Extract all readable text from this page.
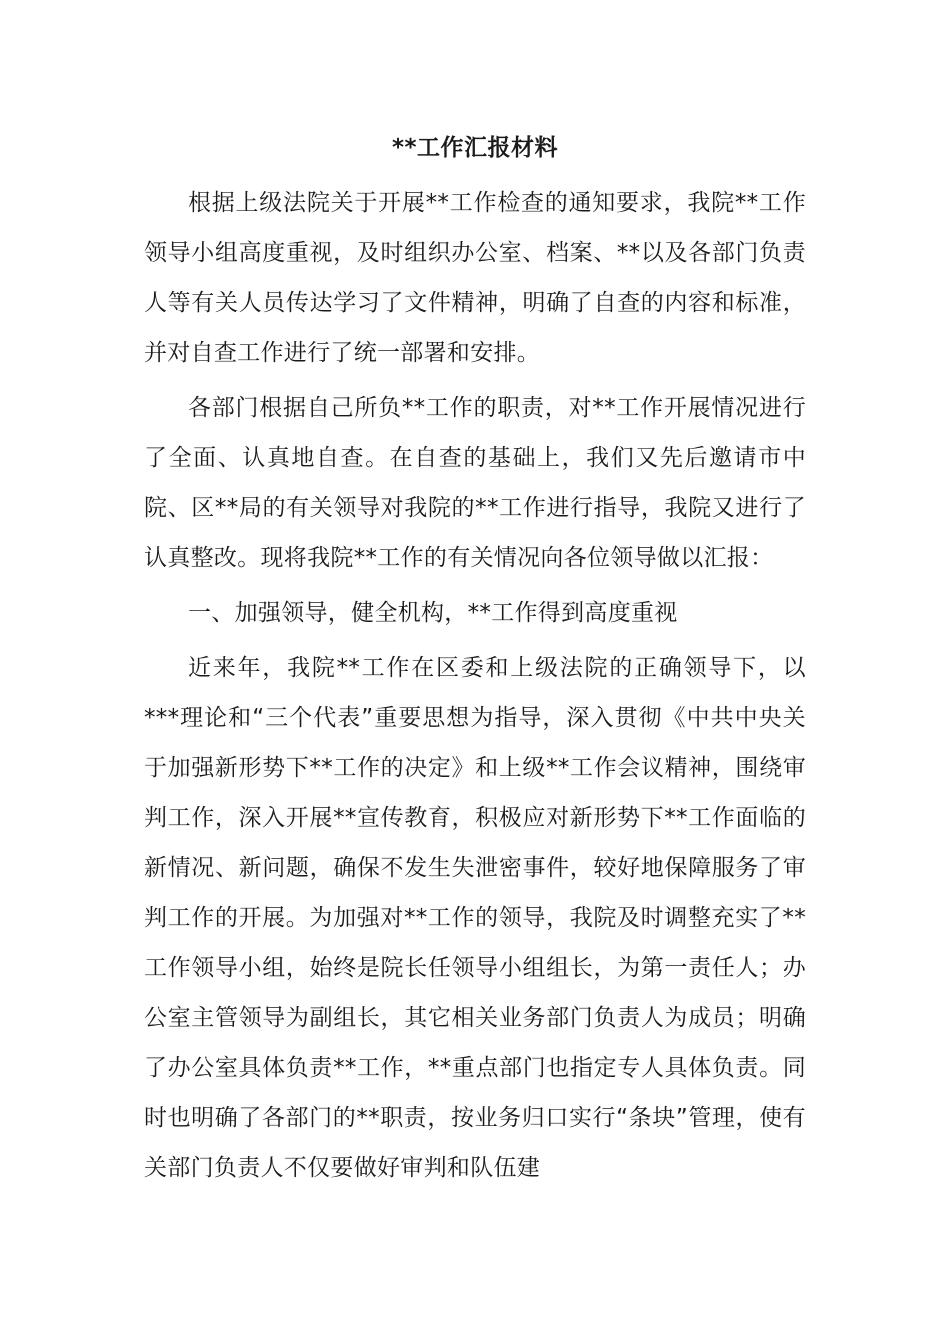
**工作汇报材料

根据上级法院关于开展**工作检查的通知要求，我院**工作领导小组高度重视，及时组织办公室、档案、**以及各部门负责人等有关人员传达学习了文件精神，明确了自查的内容和标准，并对自查工作进行了统一部署和安排。

各部门根据自己所负**工作的职责，对**工作开展情况进行了全面、认真地自查。在自查的基础上，我们又先后邀请市中院、区**局的有关领导对我院的**工作进行指导，我院又进行了认真整改。现将我院**工作的有关情况向各位领导做以汇报：

一、加强领导，健全机构，**工作得到高度重视

近来年，我院**工作在区委和上级法院的正确领导下，以***理论和“三个代表”重要思想为指导，深入贯彻《中共中央关于加强新形势下**工作的决定》和上级**工作会议精神，围绕审判工作，深入开展**宣传教育，积极应对新形势下**工作面临的新情况、新问题，确保不发生失泄密事件，较好地保障服务了审判工作的开展。为加强对**工作的领导，我院及时调整充实了**工作领导小组，始终是院长任领导小组组长，为第一责任人；办公室主管领导为副组长，其它相关业务部门负责人为成员；明确了办公室具体负责**工作，**重点部门也指定专人具体负责。同时也明确了各部门的**职责，按业务归口实行“条块”管理，使有关部门负责人不仅要做好审判和队伍建
